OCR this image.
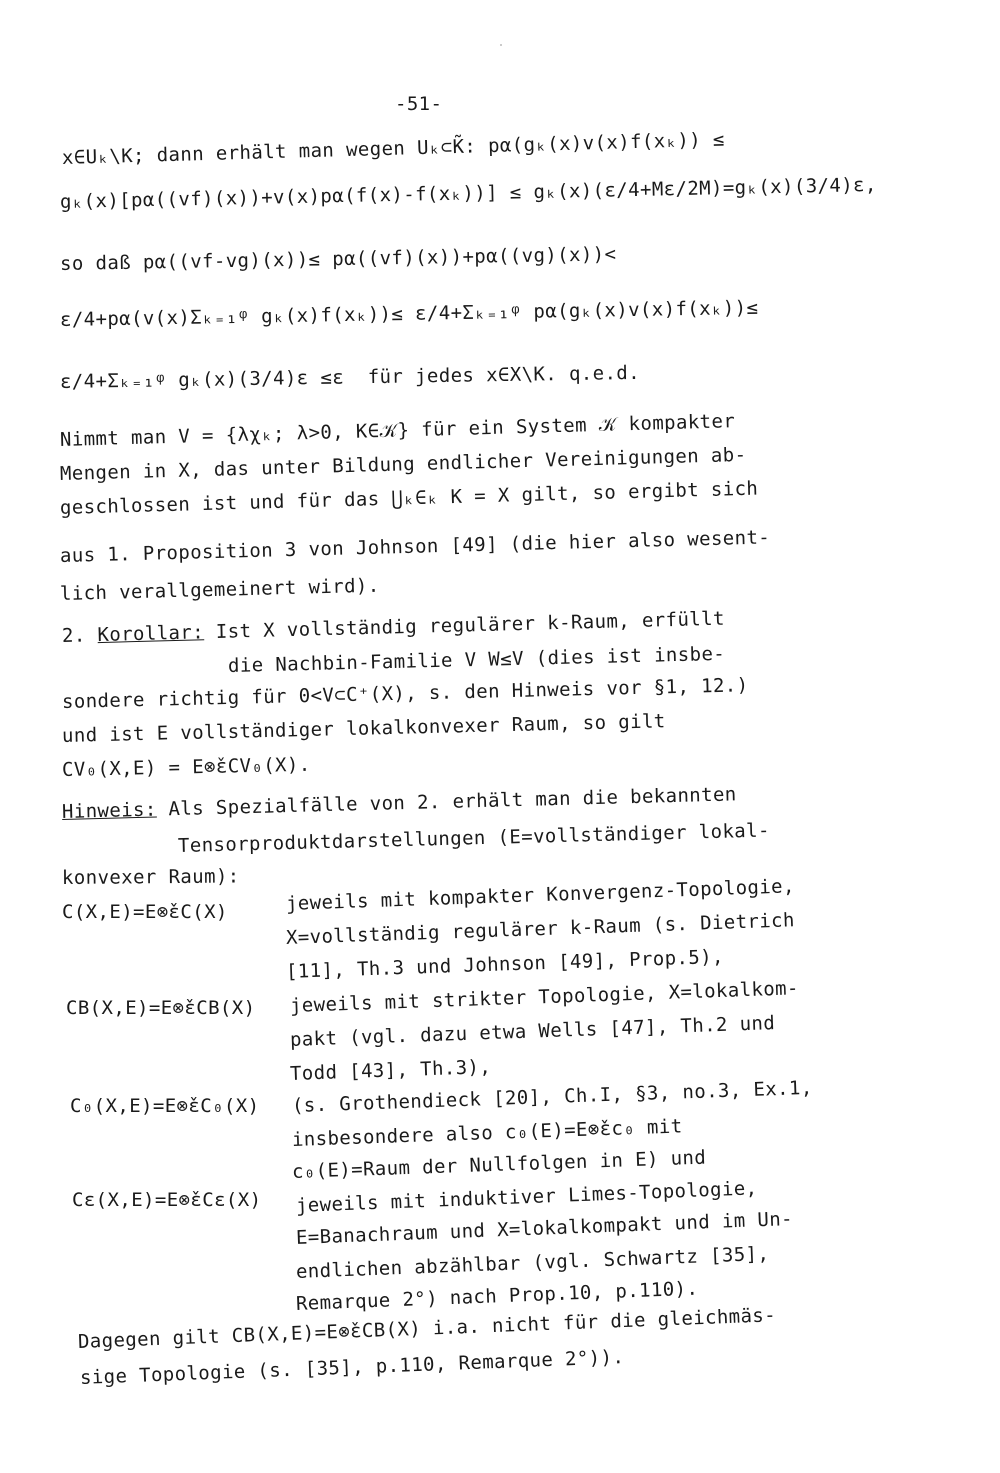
-51-
x∈Uₖ\K; dann erhält man wegen Uₖ⊂K̃: pα(gₖ(x)v(x)f(xₖ)) ≤
gₖ(x)[pα((vf)(x))+v(x)pα(f(x)-f(xₖ))] ≤ gₖ(x)(ε/4+Mε/2M)=gₖ(x)(3/4)ε,
so daß pα((vf-vg)(x))≤ pα((vf)(x))+pα((vg)(x))<
ε/4+pα(v(x)Σₖ₌₁ᵠ gₖ(x)f(xₖ))≤ ε/4+Σₖ₌₁ᵠ pα(gₖ(x)v(x)f(xₖ))≤
ε/4+Σₖ₌₁ᵠ gₖ(x)(3/4)ε ≤ε  für jedes x∈X\K. q.e.d.
Nimmt man V = {λχₖ; λ>0, K∈𝒦} für ein System 𝒦 kompakter
Mengen in X, das unter Bildung endlicher Vereinigungen ab-
geschlossen ist und für das ⋃ₖ∈ₖ K = X gilt, so ergibt sich
aus 1. Proposition 3 von Johnson [49] (die hier also wesent-
lich verallgemeinert wird).
2. Korollar: Ist X vollständig regulärer k-Raum, erfüllt
die Nachbin-Familie V W≤V (dies ist insbe-
sondere richtig für 0<V⊂C⁺(X), s. den Hinweis vor §1, 12.)
und ist E vollständiger lokalkonvexer Raum, so gilt
CV₀(X,E) = E⊗̌εCV₀(X).
Hinweis: Als Spezialfälle von 2. erhält man die bekannten
Tensorproduktdarstellungen (E=vollständiger lokal-
konvexer Raum):
C(X,E)=E⊗̌εC(X)	jeweils mit kompakter Konvergenz-Topologie,
X=vollständig regulärer k-Raum (s. Dietrich
[11], Th.3 und Johnson [49], Prop.5),
CB(X,E)=E⊗̌εCB(X) jeweils mit strikter Topologie, X=lokalkom-
pakt (vgl. dazu etwa Wells [47], Th.2 und
Todd [43], Th.3),
C₀(X,E)=E⊗̌εC₀(X) (s. Grothendieck [20], Ch.I, §3, no.3, Ex.1,
insbesondere also c₀(E)=E⊗̌εc₀ mit
c₀(E)=Raum der Nullfolgen in E) und
Cε(X,E)=E⊗̌εCε(X) jeweils mit induktiver Limes-Topologie,
E=Banachraum und X=lokalkompakt und im Un-
endlichen abzählbar (vgl. Schwartz [35],
Remarque 2°) nach Prop.10, p.110).
Dagegen gilt CB(X,E)=E⊗̌εCB(X) i.a. nicht für die gleichmäs-
sige Topologie (s. [35], p.110, Remarque 2°)).
